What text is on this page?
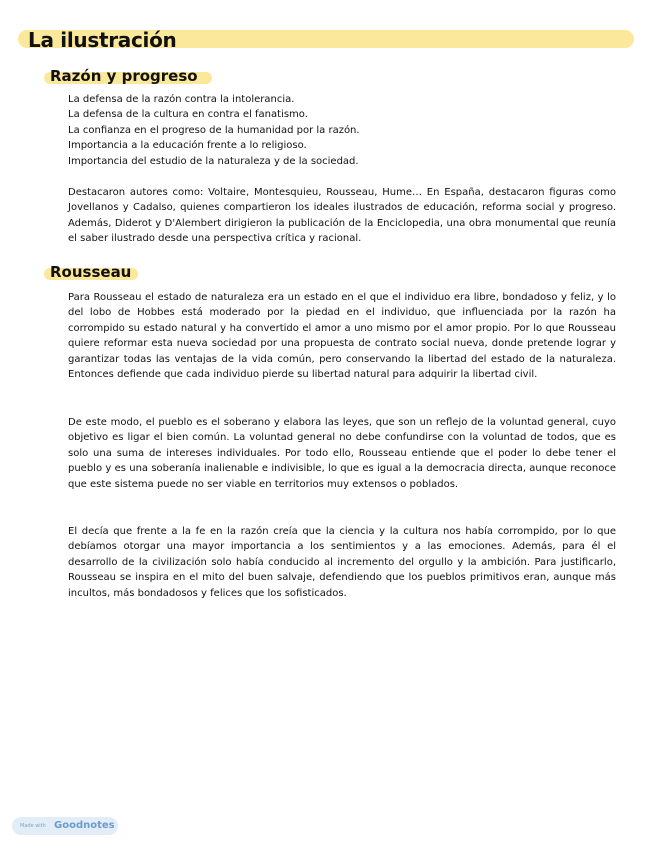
La ilustración
Razón y progreso
La defensa de la razón contra la intolerancia.
La defensa de la cultura en contra el fanatismo.
La confianza en el progreso de la humanidad por la razón.
Importancia a la educación frente a lo religioso.
Importancia del estudio de la naturaleza y de la sociedad.

Destacaron autores como: Voltaire, Montesquieu, Rousseau, Hume… En España, destacaron figuras como Jovellanos y Cadalso, quienes compartieron los ideales ilustrados de educación, reforma social y progreso. Además, Diderot y D'Alembert dirigieron la publicación de la Enciclopedia, una obra monumental que reunía el saber ilustrado desde una perspectiva crítica y racional.

Rousseau

Para Rousseau el estado de naturaleza era un estado en el que el individuo era libre, bondadoso y feliz, y lo del lobo de Hobbes está moderado por la piedad en el individuo, que influenciada por la razón ha corrompido su estado natural y ha convertido el amor a uno mismo por el amor propio. Por lo que Rousseau quiere reformar esta nueva sociedad por una propuesta de contrato social nueva, donde pretende lograr y garantizar todas las ventajas de la vida común, pero conservando la libertad del estado de la naturaleza. Entonces defiende que cada individuo pierde su libertad natural para adquirir la libertad civil.

De este modo, el pueblo es el soberano y elabora las leyes, que son un reflejo de la voluntad general, cuyo objetivo es ligar el bien común. La voluntad general no debe confundirse con la voluntad de todos, que es solo una suma de intereses individuales. Por todo ello, Rousseau entiende que el poder lo debe tener el pueblo y es una soberanía inalienable e indivisible, lo que es igual a la democracia directa, aunque reconoce que este sistema puede no ser viable en territorios muy extensos o poblados.

El decía que frente a la fe en la razón creía que la ciencia y la cultura nos había corrompido, por lo que debíamos otorgar una mayor importancia a los sentimientos y a las emociones. Además, para él el desarrollo de la civilización solo había conducido al incremento del orgullo y la ambición. Para justificarlo, Rousseau se inspira en el mito del buen salvaje, defendiendo que los pueblos primitivos eran, aunque más incultos, más bondadosos y felices que los sofisticados.

Made with Goodnotes
